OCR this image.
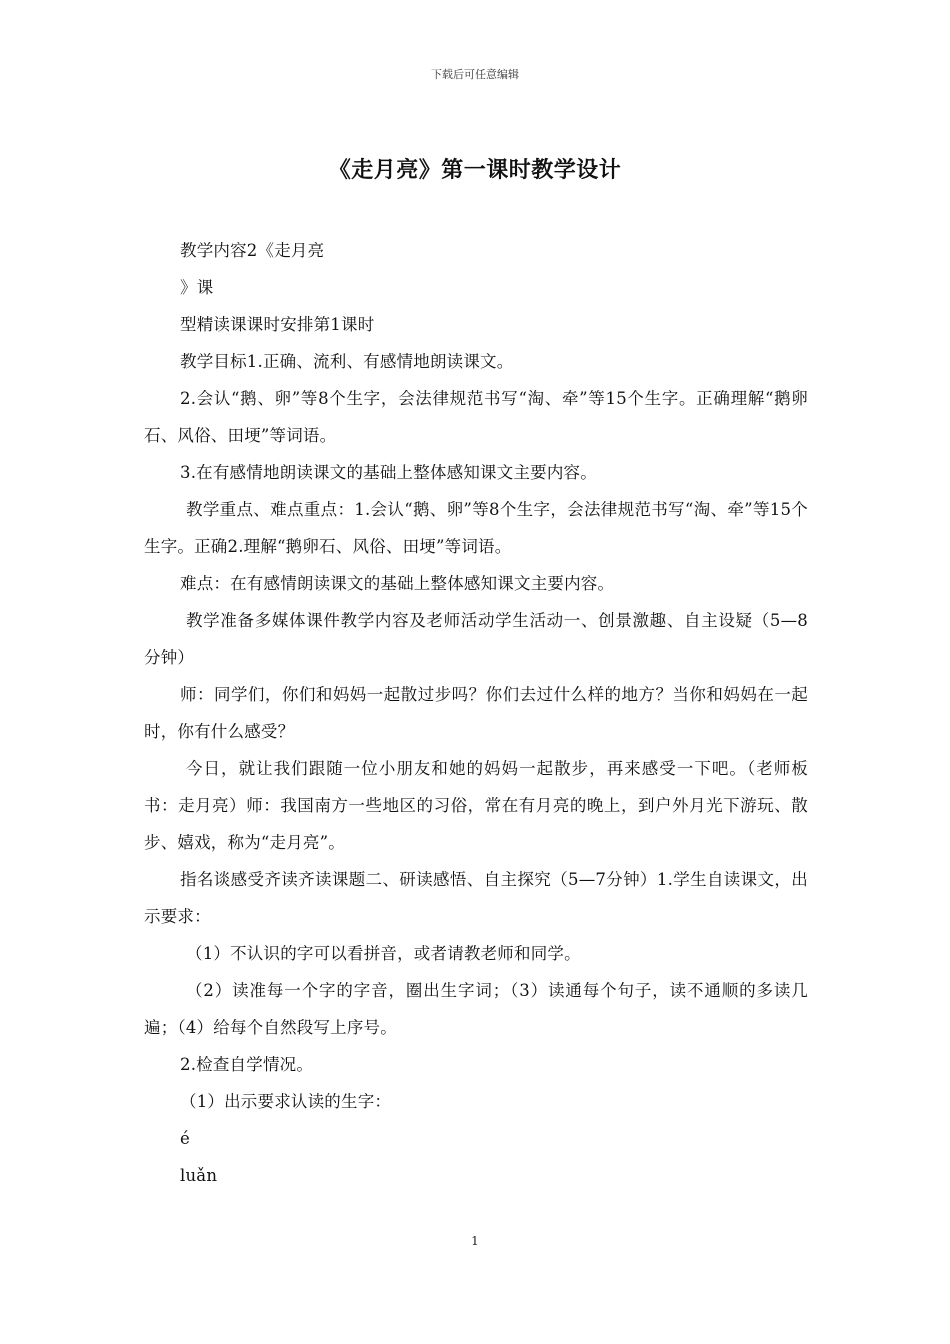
下载后可任意编辑
《走月亮》第一课时教学设计

教学内容2《走月亮

》课

型精读课课时安排第1课时

教学目标1.正确、流利、有感情地朗读课文。

2.会认“鹅、卵”等8个生字，会法律规范书写“淘、牵”等15个生字。正确理解“鹅卵石、风俗、田埂”等词语。

3.在有感情地朗读课文的基础上整体感知课文主要内容。

教学重点、难点重点：1.会认“鹅、卵”等8个生字，会法律规范书写“淘、牵”等15个生字。正确2.理解“鹅卵石、风俗、田埂”等词语。

难点：在有感情朗读课文的基础上整体感知课文主要内容。

教学准备多媒体课件教学内容及老师活动学生活动一、创景激趣、自主设疑（5—8分钟）

师：同学们，你们和妈妈一起散过步吗？你们去过什么样的地方？当你和妈妈在一起时，你有什么感受？

今日，就让我们跟随一位小朋友和她的妈妈一起散步，再来感受一下吧。（老师板书：走月亮）师：我国南方一些地区的习俗，常在有月亮的晚上，到户外月光下游玩、散步、嬉戏，称为“走月亮”。

指名谈感受齐读齐读课题二、研读感悟、自主探究（5—7分钟）1.学生自读课文，出示要求：

（1）不认识的字可以看拼音，或者请教老师和同学。

（2）读准每一个字的字音，圈出生字词；（3）读通每个句子，读不通顺的多读几遍；（4）给每个自然段写上序号。

2.检查自学情况。

（1）出示要求认读的生字：

é

luǎn

1
